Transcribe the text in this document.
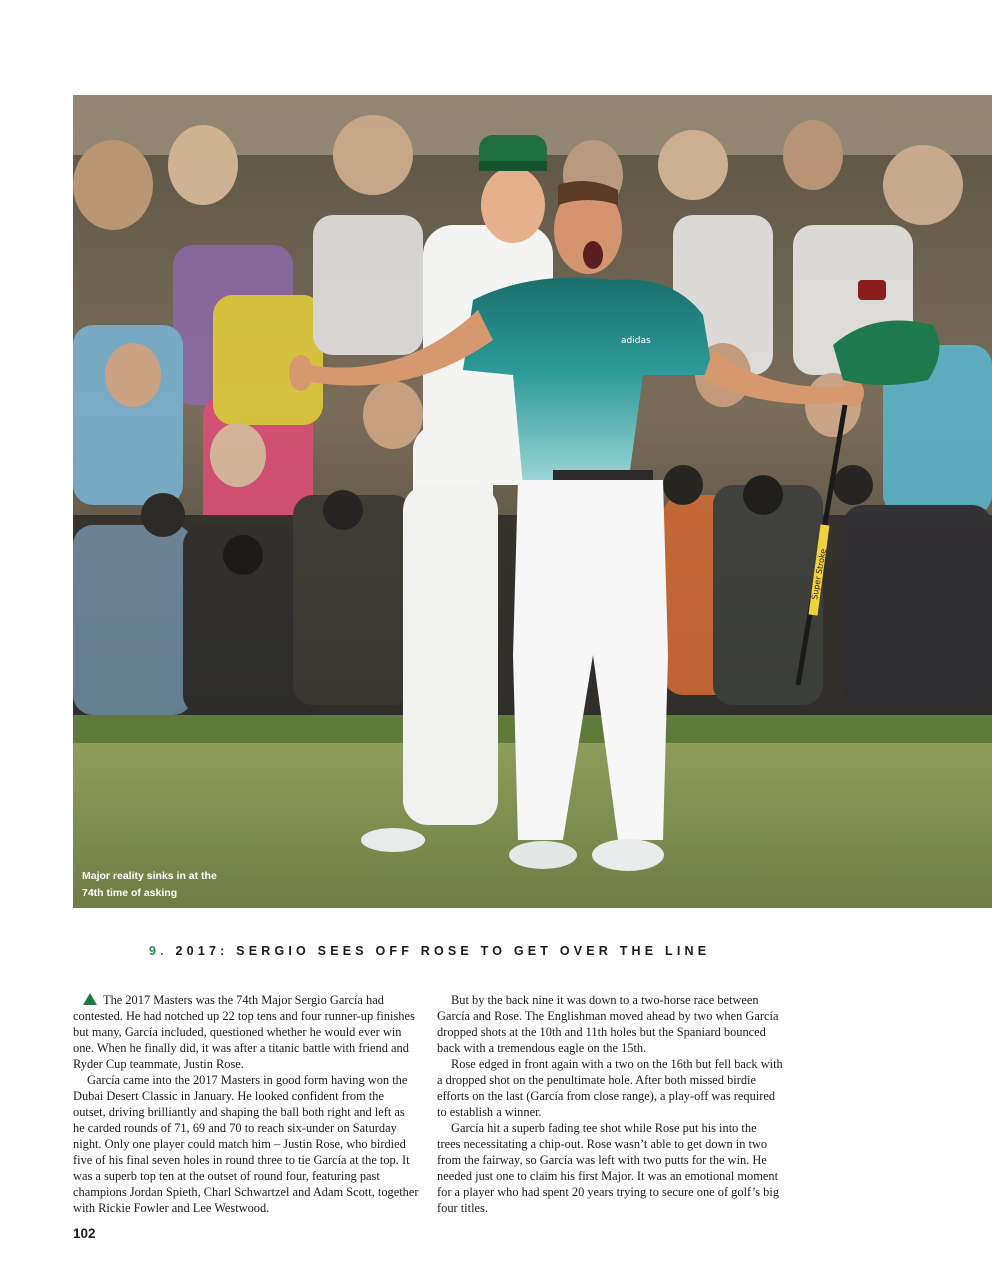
adidas
Super Stroke
Major reality sinks in at the
74th time of asking
9. 2017: SERGIO SEES OFF ROSE TO GET OVER THE LINE

The 2017 Masters was the 74th Major Sergio García had contested. He had notched up 22 top tens and four runner-up finishes but many, García included, questioned whether he would ever win one. When he finally did, it was after a titanic battle with friend and Ryder Cup teammate, Justin Rose.

García came into the 2017 Masters in good form having won the Dubai Desert Classic in January. He looked confident from the outset, driving brilliantly and shaping the ball both right and left as he carded rounds of 71, 69 and 70 to reach six-under on Saturday night. Only one player could match him – Justin Rose, who birdied five of his final seven holes in round three to tie García at the top. It was a superb top ten at the outset of round four, featuring past champions Jordan Spieth, Charl Schwartzel and Adam Scott, together with Rickie Fowler and Lee Westwood.

But by the back nine it was down to a two-horse race between García and Rose. The Englishman moved ahead by two when García dropped shots at the 10th and 11th holes but the Spaniard bounced back with a tremendous eagle on the 15th.

Rose edged in front again with a two on the 16th but fell back with a dropped shot on the penultimate hole. After both missed birdie efforts on the last (García from close range), a play-off was required to establish a winner.

García hit a superb fading tee shot while Rose put his into the trees necessitating a chip-out. Rose wasn’t able to get down in two from the fairway, so García was left with two putts for the win. He needed just one to claim his first Major. It was an emotional moment for a player who had spent 20 years trying to secure one of golf’s big four titles.

102
